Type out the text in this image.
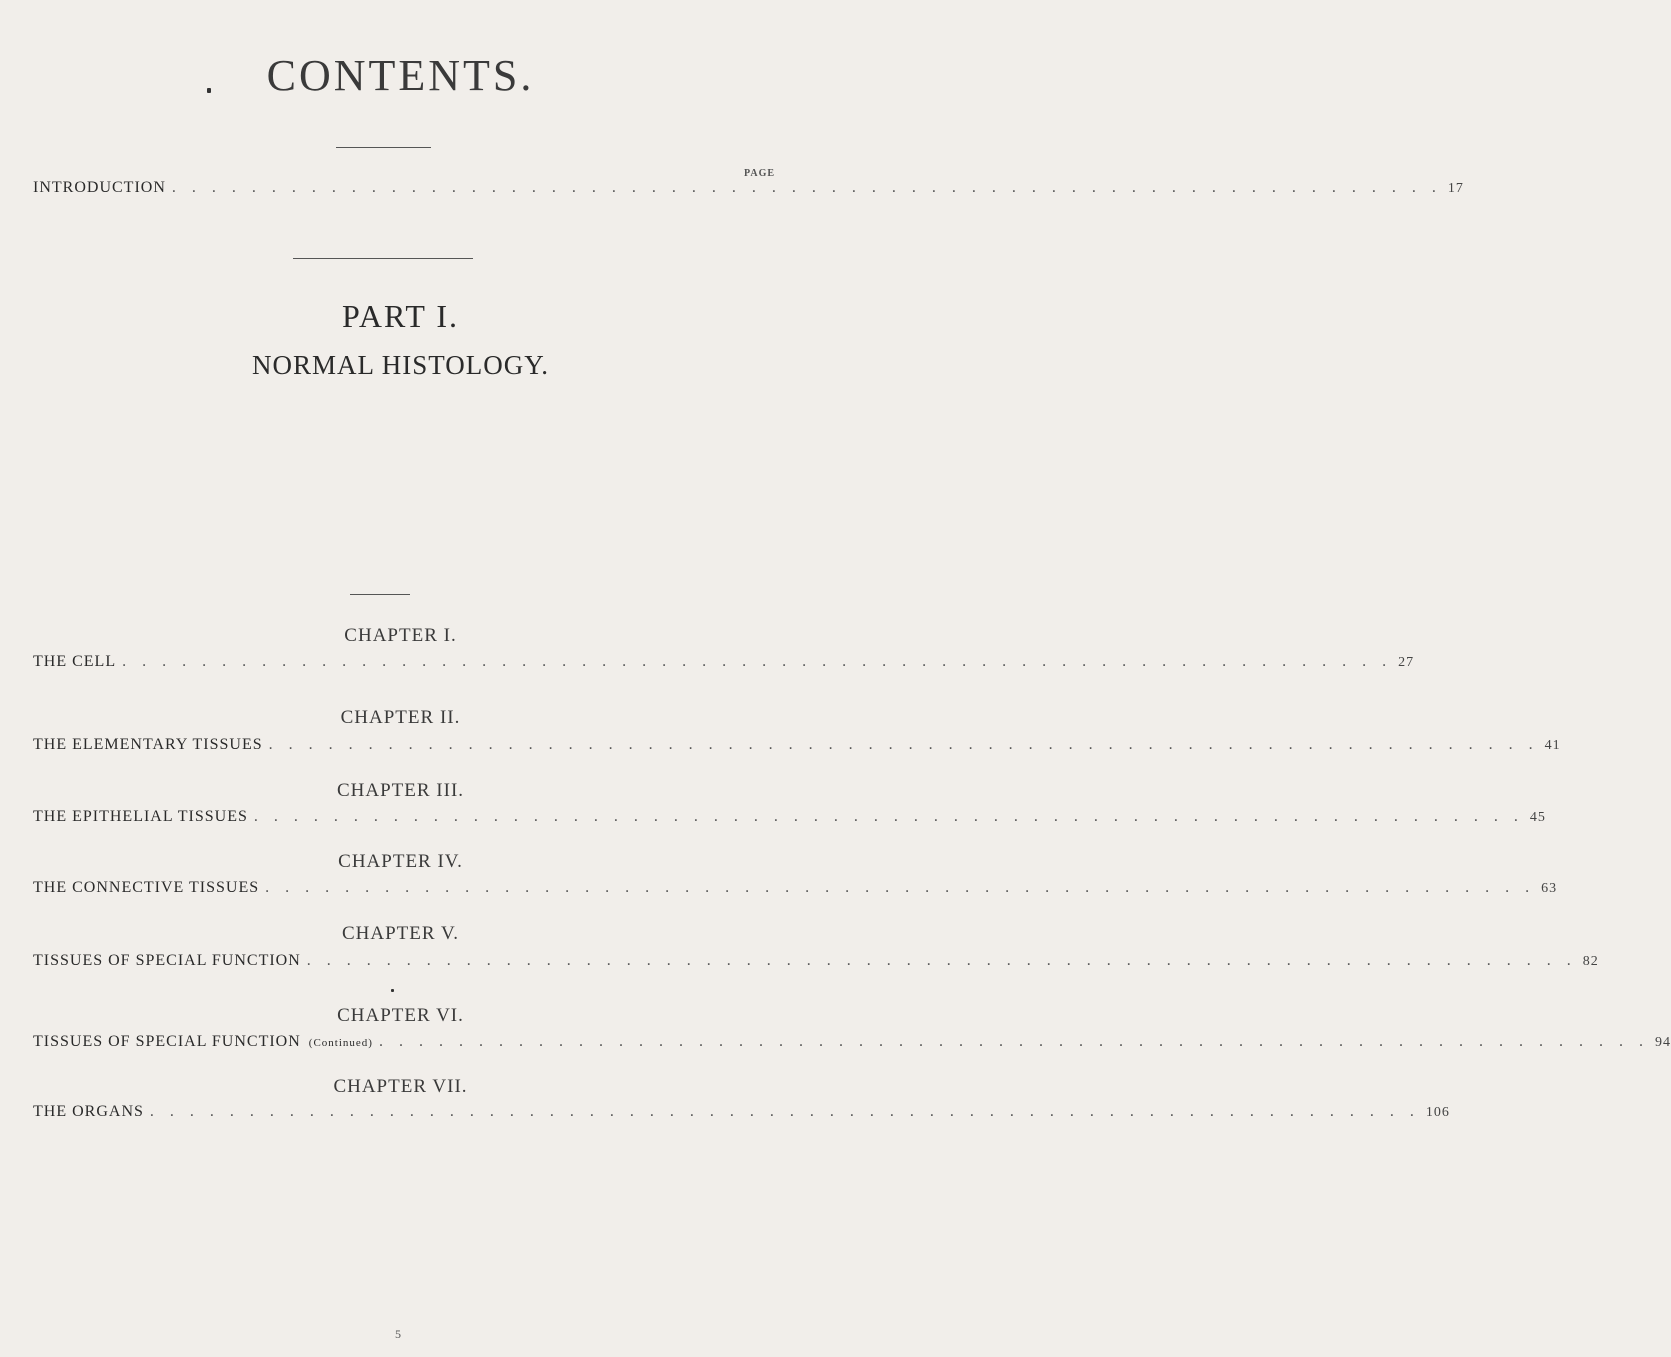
CONTENTS.
PAGE
INTRODUCTION . . . . . . . . . . . . . . . . . . . . . . . . . . . . . . . . . . . . . . . . . . . . . . . . . . . . . . . . . . . . . . . . 17
PART I.
NORMAL HISTOLOGY.
CHAPTER I.
THE CELL . . . . . . . . . . . . . . . . . . . . . . . . . . . . . . . . . . . . . . . . . . . . . . . . . . . . . . . . . . . . . . . . 27
CHAPTER II.
THE ELEMENTARY TISSUES . . . . . . . . . . . . . . . . . . . . . . . . . . . . . . . . . . . . . . . . . . . . . . . . . . . . . . . . . . . . . . . . 41
CHAPTER III.
THE EPITHELIAL TISSUES . . . . . . . . . . . . . . . . . . . . . . . . . . . . . . . . . . . . . . . . . . . . . . . . . . . . . . . . . . . . . . . . 45
CHAPTER IV.
THE CONNECTIVE TISSUES . . . . . . . . . . . . . . . . . . . . . . . . . . . . . . . . . . . . . . . . . . . . . . . . . . . . . . . . . . . . . . . . 63
CHAPTER V.
TISSUES OF SPECIAL FUNCTION . . . . . . . . . . . . . . . . . . . . . . . . . . . . . . . . . . . . . . . . . . . . . . . . . . . . . . . . . . . . . . . . 82
CHAPTER VI.
TISSUES OF SPECIAL FUNCTION (Continued) . . . . . . . . . . . . . . . . . . . . . . . . . . . . . . . . . . . . . . . . . . . . . . . . . . . . . . . . . . . . . . . . 94
CHAPTER VII.
THE ORGANS . . . . . . . . . . . . . . . . . . . . . . . . . . . . . . . . . . . . . . . . . . . . . . . . . . . . . . . . . . . . . . . . 106
5
